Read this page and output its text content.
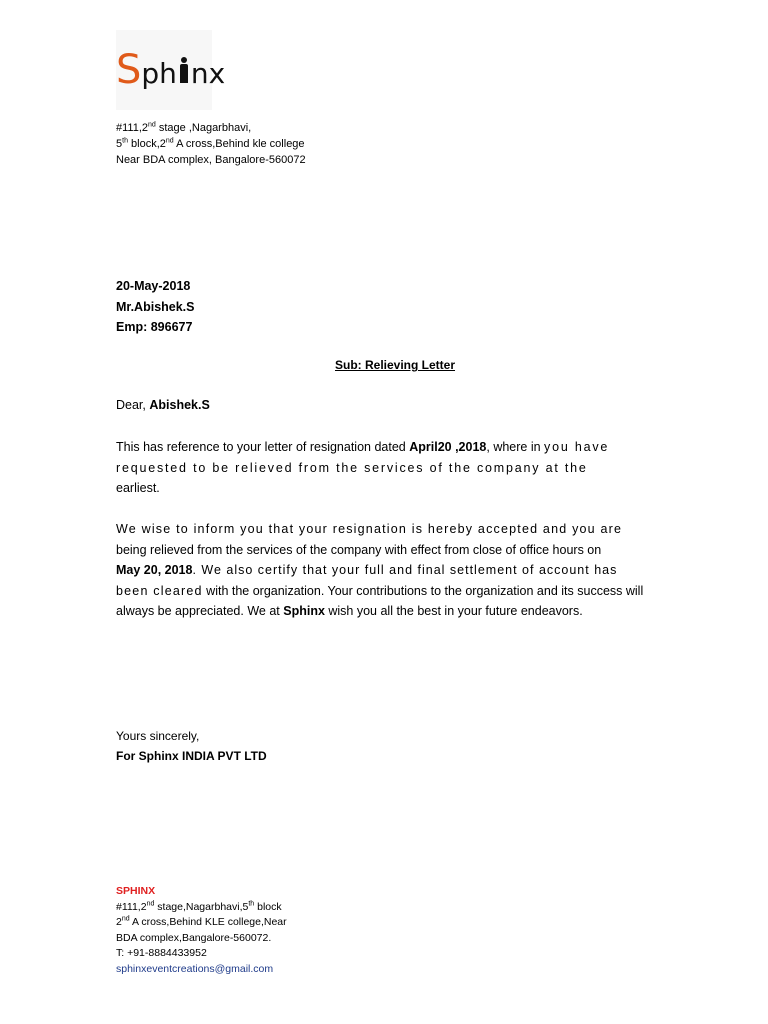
S ph nx
#111,2nd stage ,Nagarbhavi,
5th block,2nd A cross,Behind kle college
Near BDA complex, Bangalore-560072
20-May-2018
Mr.Abishek.S
Emp: 896677
Sub: Relieving Letter
Dear, Abishek.S
This has reference to your letter of resignation dated April20 ,2018, where in you have requested to be relieved from the services of the company at the
earliest.
We wise to inform you that your resignation is hereby accepted and you are
being relieved from the services of the company with effect from close of office hours on
May 20, 2018. We also certify that your full and final settlement of account has
been cleared with the organization. Your contributions to the organization and its success will
always be appreciated. We at Sphinx wish you all the best in your future endeavors.
Yours sincerely,
For Sphinx INDIA PVT LTD
SPHINX
#111,2nd stage,Nagarbhavi,5th block
2nd A cross,Behind KLE college,Near
BDA complex,Bangalore-560072.
T: +91-8884433952
sphinxeventcreations@gmail.com
